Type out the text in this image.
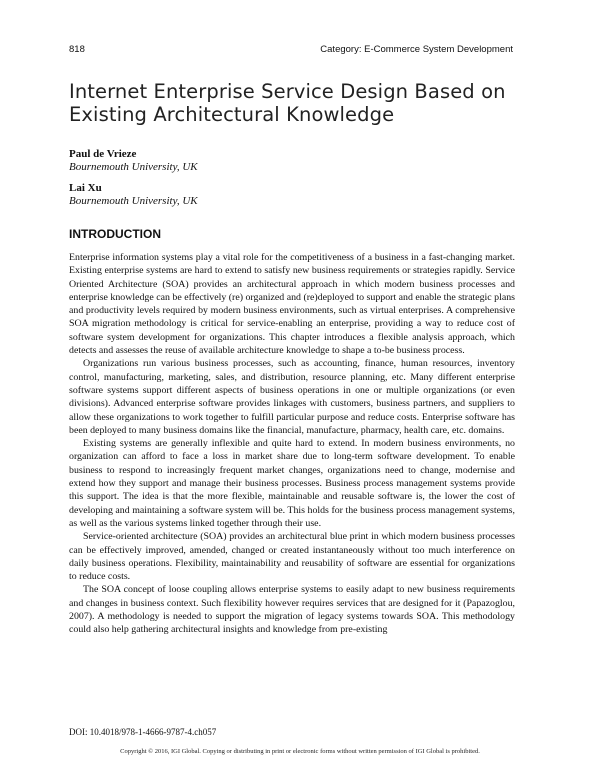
818	Category: E-Commerce System Development
Internet Enterprise Service Design Based on Existing Architectural Knowledge
Paul de Vrieze
Bournemouth University, UK
Lai Xu
Bournemouth University, UK
INTRODUCTION

Enterprise information systems play a vital role for the competitiveness of a business in a fast-changing market. Existing enterprise systems are hard to extend to satisfy new business requirements or strategies rapidly. Service Oriented Architecture (SOA) provides an architectural approach in which modern business processes and enterprise knowledge can be effectively (re) organized and (re)deployed to support and enable the strategic plans and productivity levels required by modern business environments, such as virtual enterprises. A comprehensive SOA migration methodology is critical for service-enabling an enterprise, providing a way to reduce cost of software system development for organizations. This chapter introduces a flexible analysis approach, which detects and assesses the reuse of available architecture knowledge to shape a to-be business process.

Organizations run various business processes, such as accounting, finance, human resources, inventory control, manufacturing, marketing, sales, and distribution, resource planning, etc. Many different enterprise software systems support different aspects of business operations in one or multiple organizations (or even divisions). Advanced enterprise software provides linkages with customers, business partners, and suppliers to allow these organizations to work together to fulfill particular purpose and reduce costs. Enterprise software has been deployed to many business domains like the financial, manufacture, pharmacy, health care, etc. domains.

Existing systems are generally inflexible and quite hard to extend. In modern business environments, no organization can afford to face a loss in market share due to long-term software development. To enable business to respond to increasingly frequent market changes, organizations need to change, modernise and extend how they support and manage their business processes. Business process management systems provide this support. The idea is that the more flexible, maintainable and reusable software is, the lower the cost of developing and maintaining a software system will be. This holds for the business process management systems, as well as the various systems linked together through their use.

Service-oriented architecture (SOA) provides an architectural blue print in which modern business processes can be effectively improved, amended, changed or created instantaneously without too much interference on daily business operations. Flexibility, maintainability and reusability of software are essential for organizations to reduce costs.

The SOA concept of loose coupling allows enterprise systems to easily adapt to new business requirements and changes in business context. Such flexibility however requires services that are designed for it (Papazoglou, 2007). A methodology is needed to support the migration of legacy systems towards SOA. This methodology could also help gathering architectural insights and knowledge from pre-existing

DOI: 10.4018/978-1-4666-9787-4.ch057
Copyright © 2016, IGI Global. Copying or distributing in print or electronic forms without written permission of IGI Global is prohibited.
